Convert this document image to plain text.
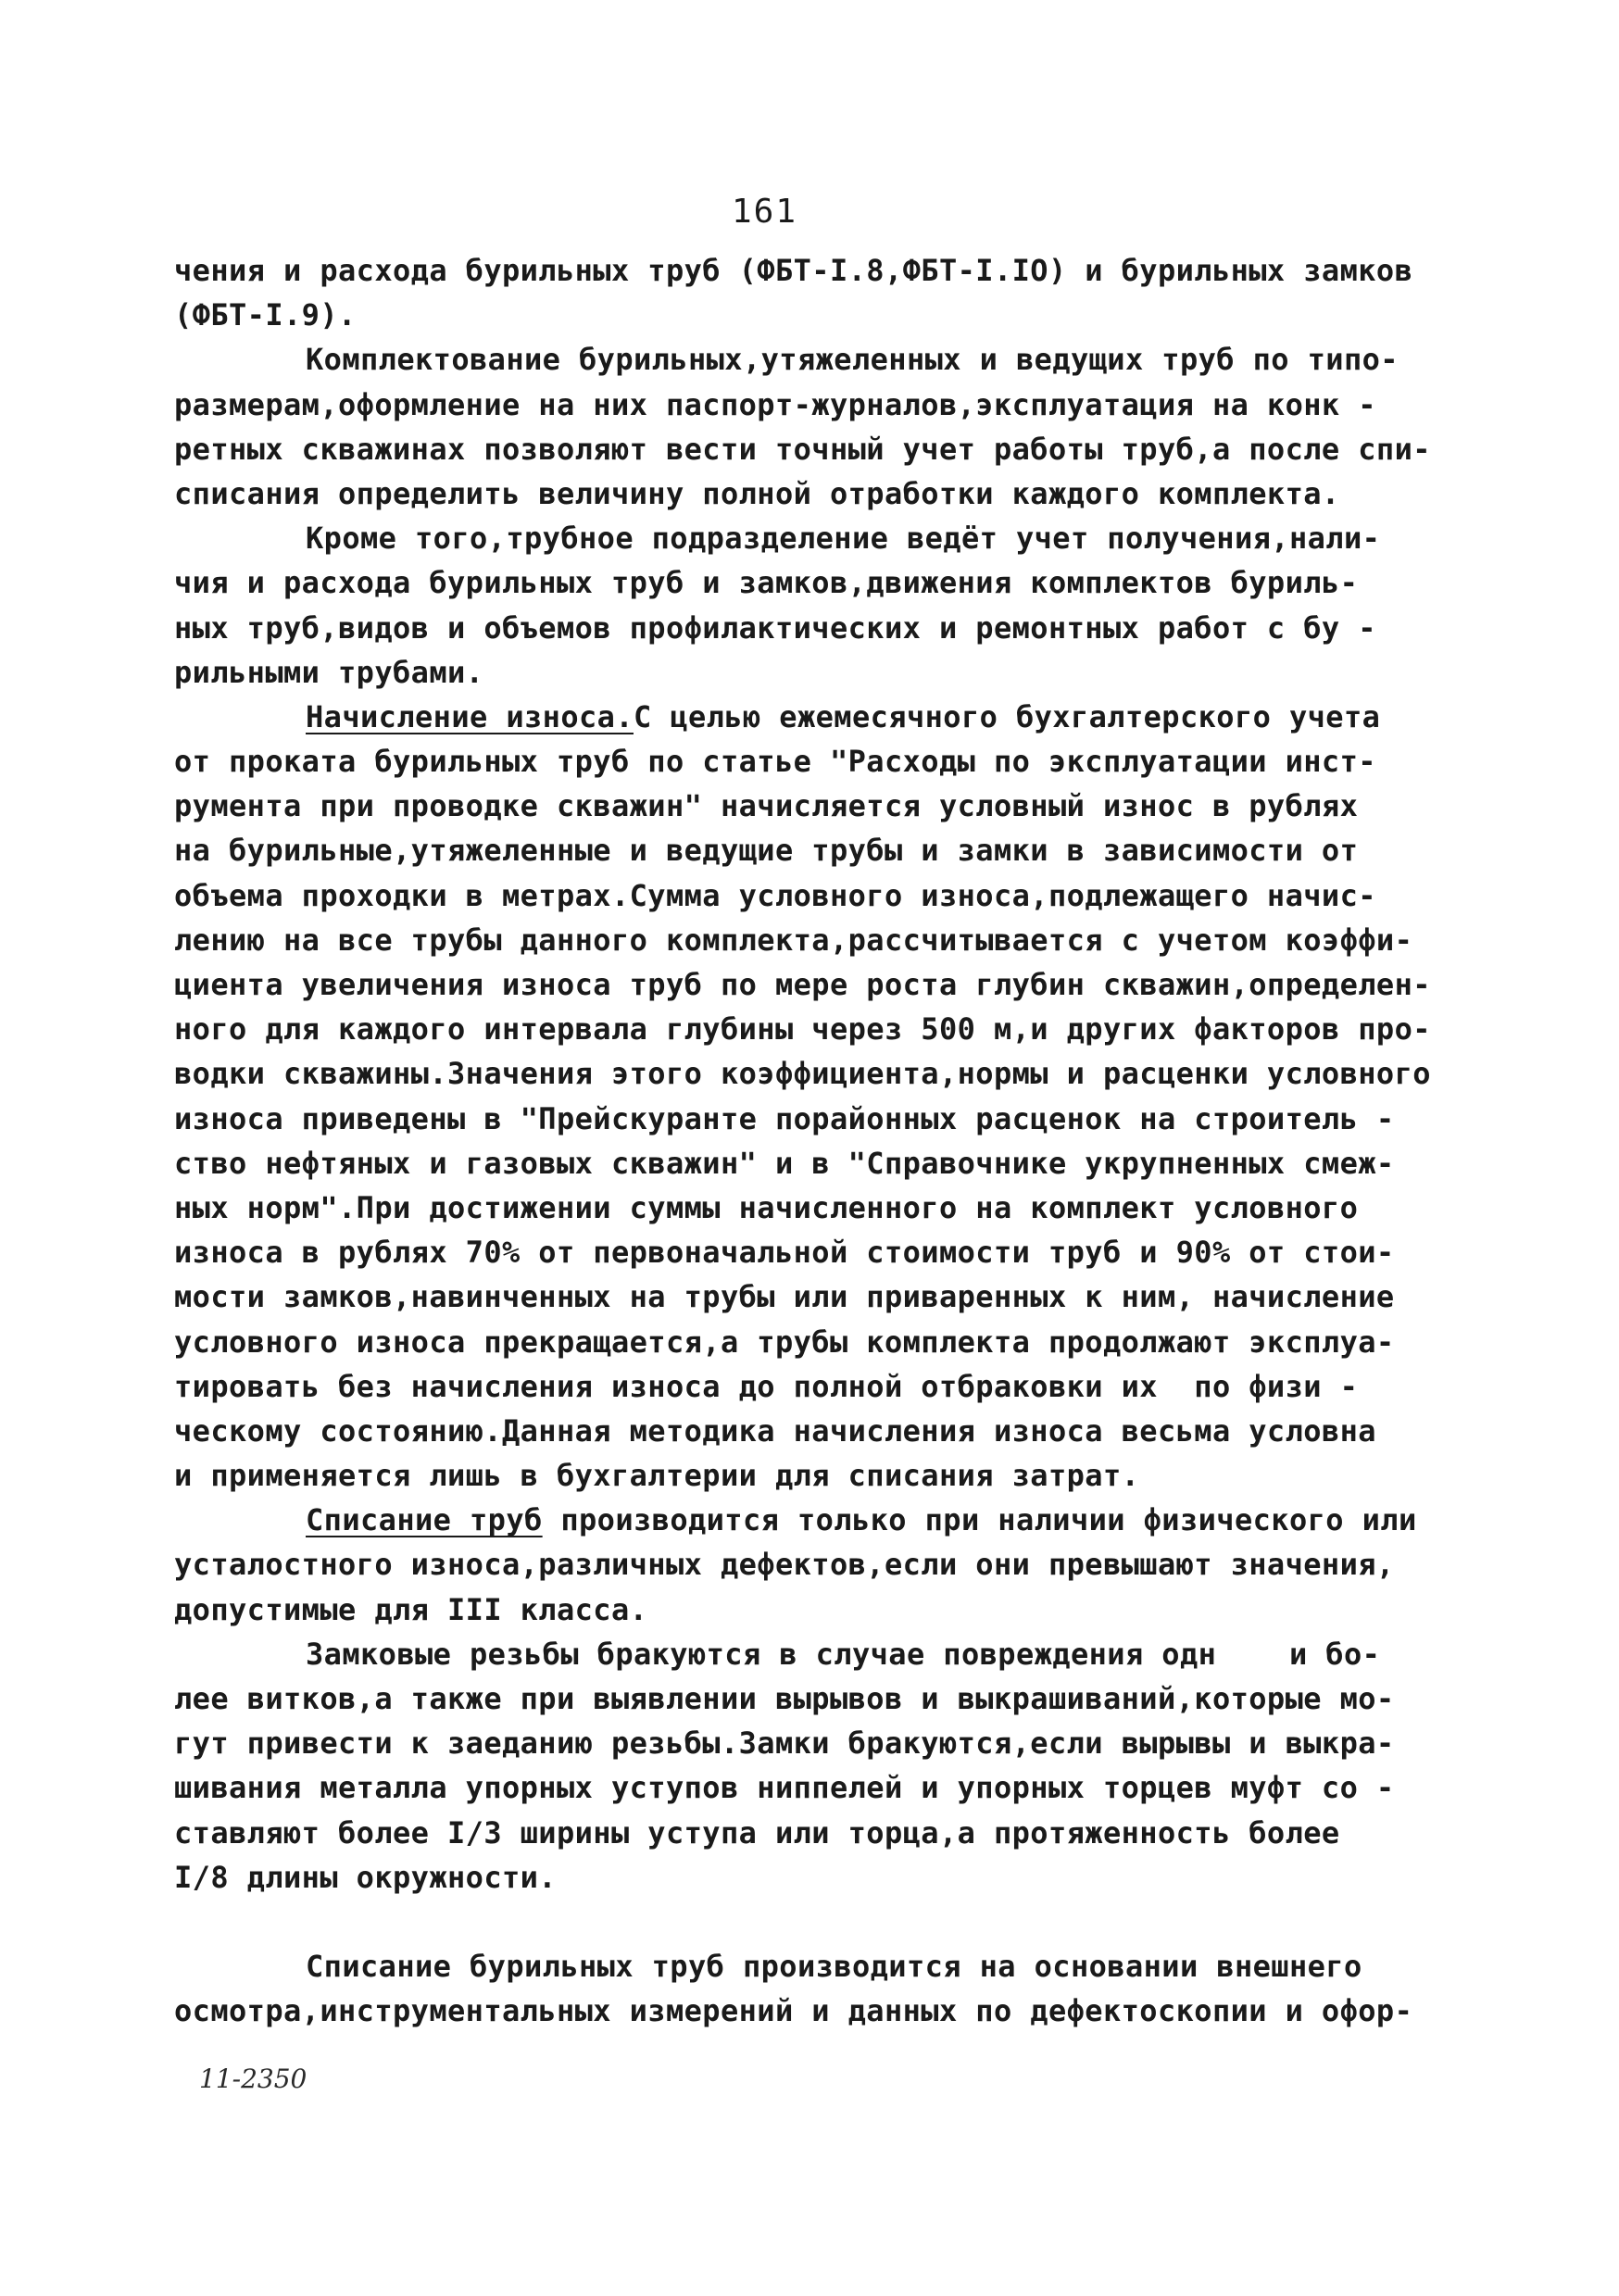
161
чения и расхода бурильных труб (ФБТ-I.8,ФБТ-I.IO) и бурильных замков
(ФБТ-I.9).
Комплектование бурильных,утяжеленных и ведущих труб по типо-
размерам,оформление на них паспорт-журналов,эксплуатация на конк -
ретных скважинах позволяют вести точный учет работы труб,а после спи-
списания определить величину полной отработки каждого комплекта.
Кроме того,трубное подразделение ведёт учет получения,нали-
чия и расхода бурильных труб и замков,движения комплектов буриль-
ных труб,видов и объемов профилактических и ремонтных работ с бу -
рильными трубами.
Начисление износа.С целью ежемесячного бухгалтерского учета
от проката бурильных труб по статье "Расходы по эксплуатации инст-
румента при проводке скважин" начисляется условный износ в рублях
на бурильные,утяжеленные и ведущие трубы и замки в зависимости от
объема проходки в метрах.Сумма условного износа,подлежащего начис-
лению на все трубы данного комплекта,рассчитывается с учетом коэффи-
циента увеличения износа труб по мере роста глубин скважин,определен-
ного для каждого интервала глубины через 500 м,и других факторов про-
водки скважины.Значения этого коэффициента,нормы и расценки условного
износа приведены в "Прейскуранте порайонных расценок на строитель -
ство нефтяных и газовых скважин" и в "Справочнике укрупненных смеж-
ных норм".При достижении суммы начисленного на комплект условного
износа в рублях 70% от первоначальной стоимости труб и 90% от стои-
мости замков,навинченных на трубы или приваренных к ним, начисление
условного износа прекращается,а трубы комплекта продолжают эксплуа-
тировать без начисления износа до полной отбраковки их  по физи -
ческому состоянию.Данная методика начисления износа весьма условна
и применяется лишь в бухгалтерии для списания затрат.
Списание труб производится только при наличии физического или
усталостного износа,различных дефектов,если они превышают значения,
допустимые для III класса.
Замковые резьбы бракуются в случае повреждения одн    и бо-
лее витков,а также при выявлении вырывов и выкрашиваний,которые мо-
гут привести к заеданию резьбы.Замки бракуются,если вырывы и выкра-
шивания металла упорных уступов ниппелей и упорных торцев муфт со -
ставляют более I/3 ширины уступа или торца,а протяженность более
I/8 длины окружности.
Списание бурильных труб производится на основании внешнего
осмотра,инструментальных измерений и данных по дефектоскопии и офор-
11-2350
